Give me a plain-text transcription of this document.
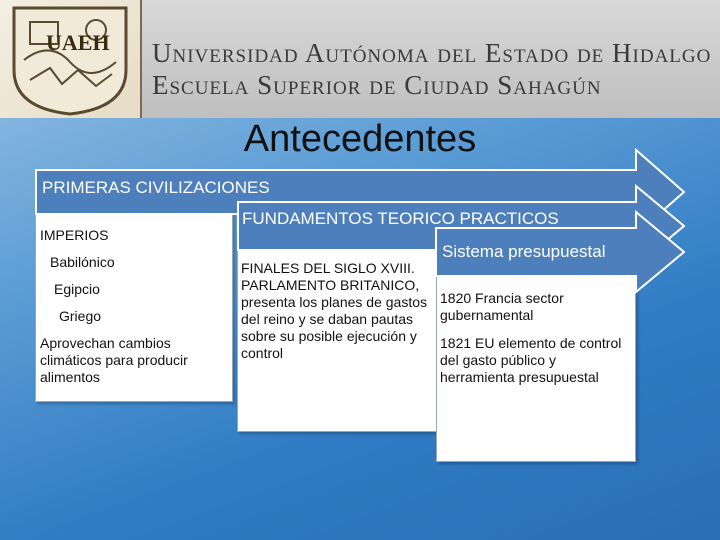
UAEH Universidad Autónoma del Estado de Hidalgo
Escuela Superior de Ciudad Sahagún
Antecedentes
PRIMERAS CIVILIZACIONES
FUNDAMENTOS TEORICO PRACTICOS
Sistema presupuestal
IMPERIOS
Babilónico
Egipcio
Griego
Aprovechan cambios climáticos para producir alimentos
FINALES DEL SIGLO XVIII. PARLAMENTO BRITANICO, presenta los planes de gastos del reino y se daban pautas sobre su posible ejecución y control
1820 Francia sector gubernamental
1821 EU elemento de control del gasto público y herramienta presupuestal
